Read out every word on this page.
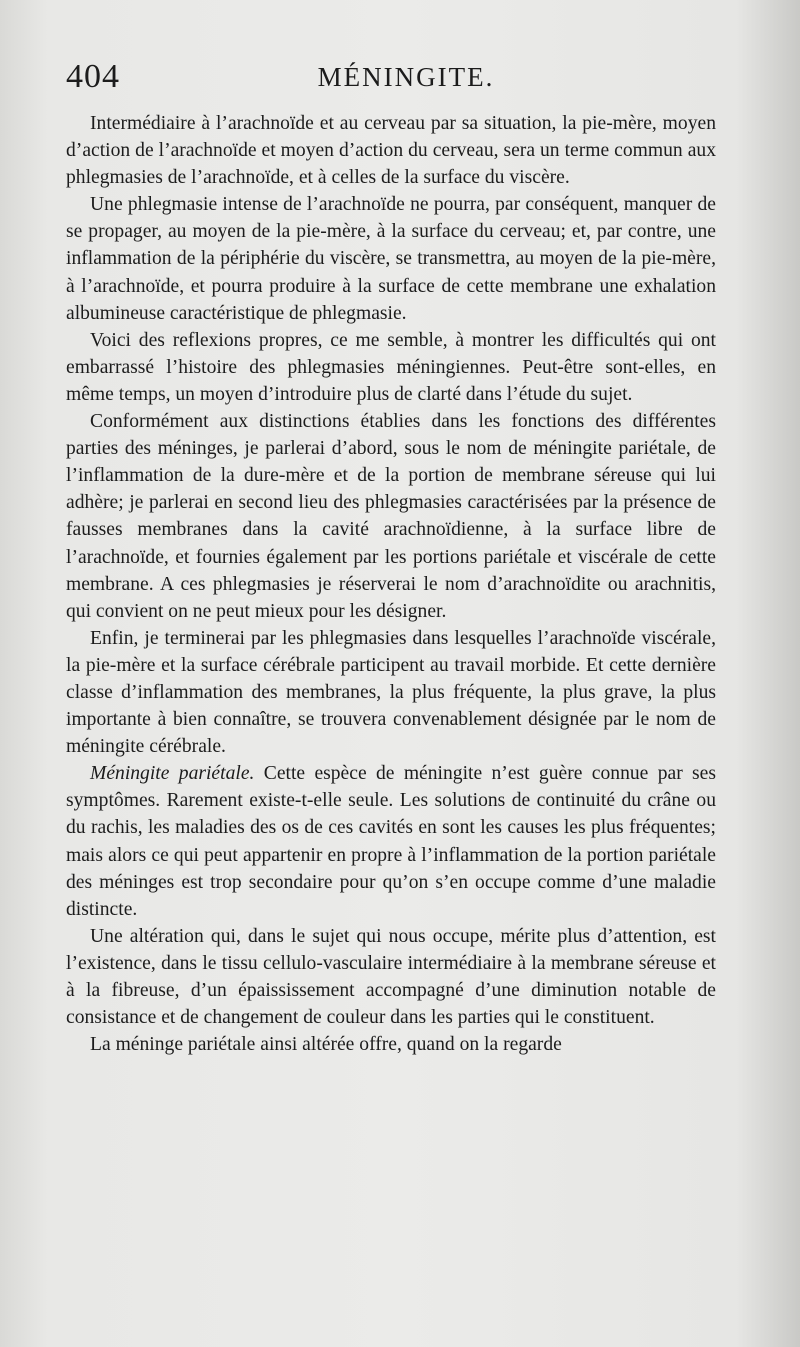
404	MÉNINGITE.

Intermédiaire à l’arachnoïde et au cerveau par sa situation, la pie-mère, moyen d’action de l’arachnoïde et moyen d’action du cerveau, sera un terme commun aux phlegmasies de l’arachnoïde, et à celles de la surface du viscère.

Une phlegmasie intense de l’arachnoïde ne pourra, par conséquent, manquer de se propager, au moyen de la pie-mère, à la surface du cerveau; et, par contre, une inflammation de la périphérie du viscère, se transmettra, au moyen de la pie-mère, à l’arachnoïde, et pourra produire à la surface de cette membrane une exhalation albumineuse caractéristique de phlegmasie.

Voici des reflexions propres, ce me semble, à montrer les difficultés qui ont embarrassé l’histoire des phlegmasies méningiennes. Peut-être sont-elles, en même temps, un moyen d’introduire plus de clarté dans l’étude du sujet.

Conformément aux distinctions établies dans les fonctions des différentes parties des méninges, je parlerai d’abord, sous le nom de méningite pariétale, de l’inflammation de la dure-mère et de la portion de membrane séreuse qui lui adhère; je parlerai en second lieu des phlegmasies caractérisées par la présence de fausses membranes dans la cavité arachnoïdienne, à la surface libre de l’arachnoïde, et fournies également par les portions pariétale et viscérale de cette membrane. A ces phlegmasies je réserverai le nom d’arachnoïdite ou arachnitis, qui convient on ne peut mieux pour les désigner.

Enfin, je terminerai par les phlegmasies dans lesquelles l’arachnoïde viscérale, la pie-mère et la surface cérébrale participent au travail morbide. Et cette dernière classe d’inflammation des membranes, la plus fréquente, la plus grave, la plus importante à bien connaître, se trouvera convenablement désignée par le nom de méningite cérébrale.

Méningite pariétale. Cette espèce de méningite n’est guère connue par ses symptômes. Rarement existe-t-elle seule. Les solutions de continuité du crâne ou du rachis, les maladies des os de ces cavités en sont les causes les plus fréquentes; mais alors ce qui peut appartenir en propre à l’inflammation de la portion pariétale des méninges est trop secondaire pour qu’on s’en occupe comme d’une maladie distincte.

Une altération qui, dans le sujet qui nous occupe, mérite plus d’attention, est l’existence, dans le tissu cellulo-vasculaire intermédiaire à la membrane séreuse et à la fibreuse, d’un épaississement accompagné d’une diminution notable de consistance et de changement de couleur dans les parties qui le constituent.

La méninge pariétale ainsi altérée offre, quand on la regarde
